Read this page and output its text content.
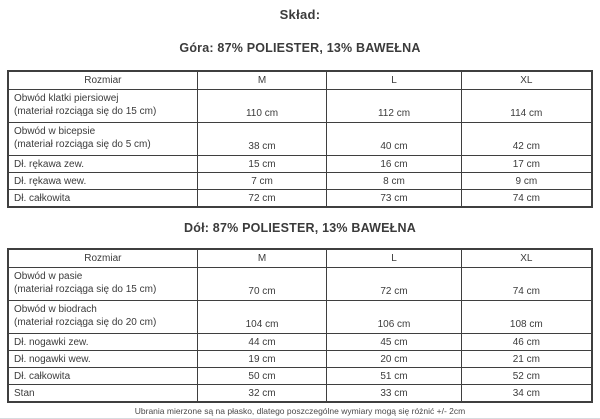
Skład:
Góra: 87% POLIESTER, 13% BAWEŁNA
Rozmiar	M	L	XL

Obwód klatki piersiowej
(materiał rozciąga się do 15 cm)	110 cm	112 cm	114 cm

Obwód w bicepsie
(materiał rozciąga się do 5 cm)	38 cm	40 cm	42 cm
Dł. rękawa zew.	15 cm	16 cm	17 cm
Dł. rękawa wew.	7 cm	8 cm	9 cm
Dł. całkowita	72 cm	73 cm	74 cm
Dół: 87% POLIESTER, 13% BAWEŁNA
Rozmiar	M	L	XL

Obwód w pasie
(materiał rozciąga się do 15 cm)	70 cm	72 cm	74 cm

Obwód w biodrach
(materiał rozciąga się do 20 cm)	104 cm	106 cm	108 cm
Dł. nogawki zew.	44 cm	45 cm	46 cm
Dł. nogawki wew.	19 cm	20 cm	21 cm
Dł. całkowita	50 cm	51 cm	52 cm
Stan	32 cm	33 cm	34 cm
Ubrania mierzone są na płasko, dlatego poszczególne wymiary mogą się różnić +/- 2cm
